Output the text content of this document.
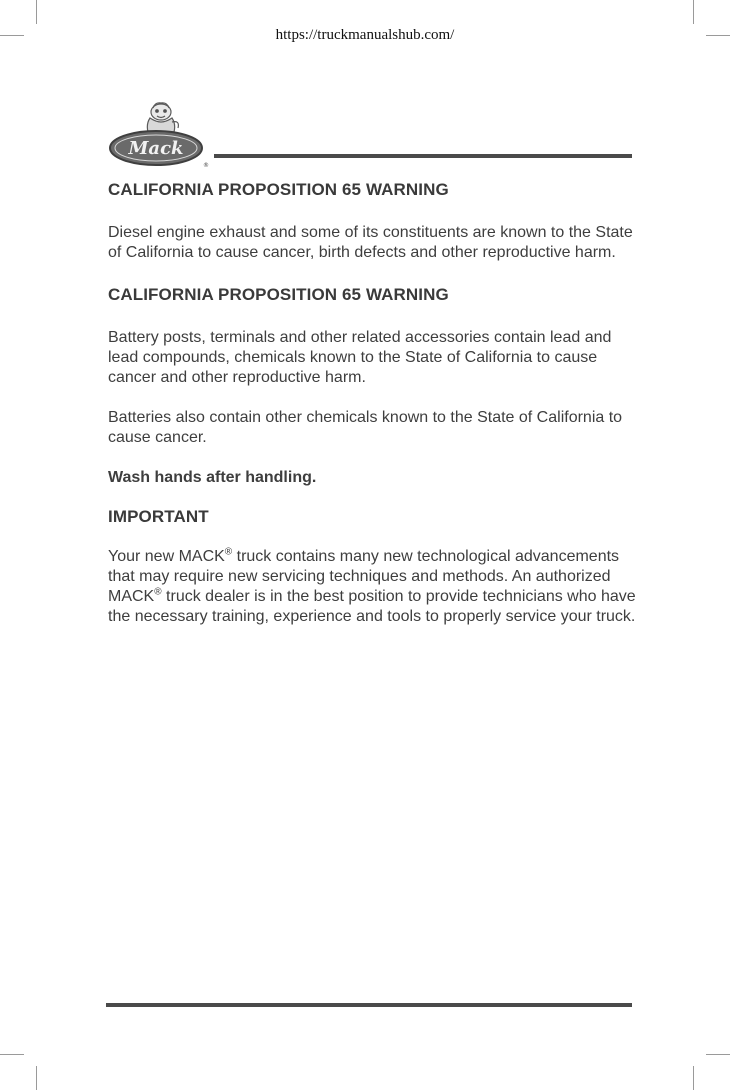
https://truckmanualshub.com/
Mack
®
CALIFORNIA PROPOSITION 65 WARNING

Diesel engine exhaust and some of its constituents are known to the State of California to cause cancer, birth defects and other reproductive harm.

CALIFORNIA PROPOSITION 65 WARNING

Battery posts, terminals and other related accessories contain lead and lead compounds, chemicals known to the State of California to cause cancer and other reproductive harm.

Batteries also contain other chemicals known to the State of California to cause cancer.

Wash hands after handling.

IMPORTANT

Your new MACK® truck contains many new technological advancements that may require new servicing techniques and methods. An authorized MACK® truck dealer is in the best position to provide technicians who have the necessary training, experience and tools to properly service your truck.
